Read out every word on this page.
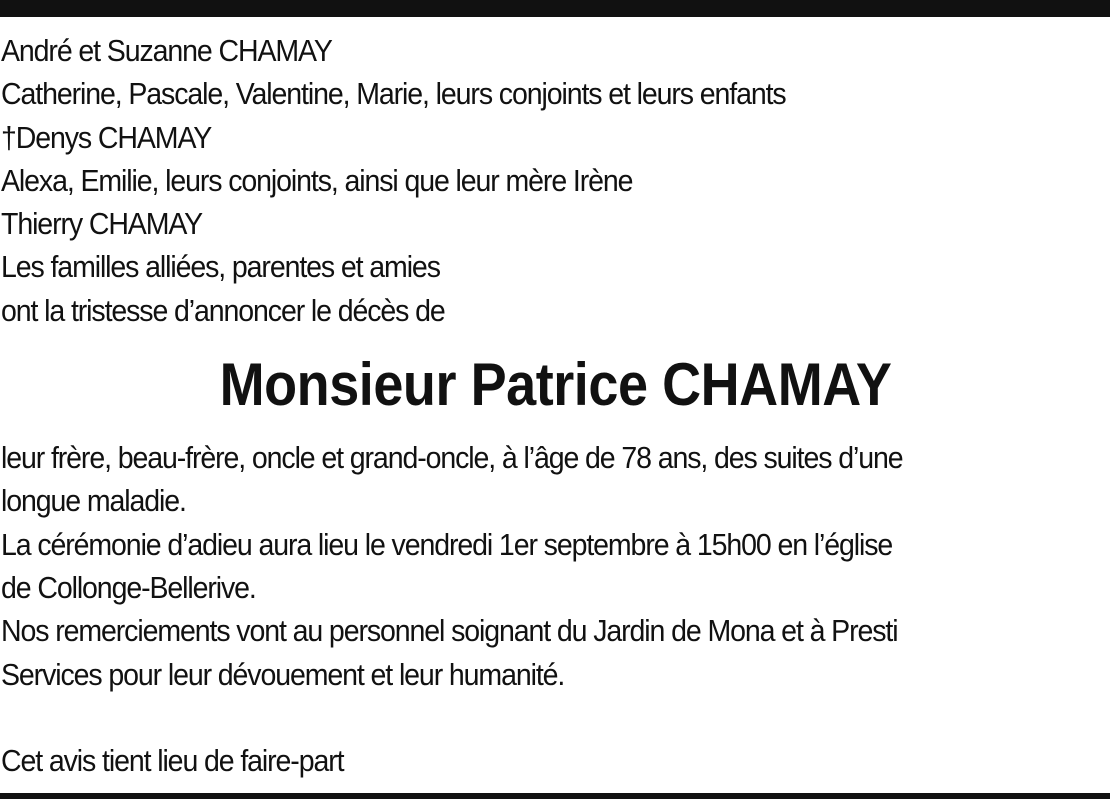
André et Suzanne CHAMAY
Catherine, Pascale, Valentine, Marie, leurs conjoints et leurs enfants
†Denys CHAMAY
Alexa, Emilie, leurs conjoints, ainsi que leur mère Irène
Thierry CHAMAY
Les familles alliées, parentes et amies
ont la tristesse d’annoncer le décès de
Monsieur Patrice CHAMAY
leur frère, beau-frère, oncle et grand-oncle, à l’âge de 78 ans, des suites d’une
longue maladie.
La cérémonie d’adieu aura lieu le vendredi 1er septembre à 15h00 en l’église
de Collonge-Bellerive.
Nos remerciements vont au personnel soignant du Jardin de Mona et à Presti
Services pour leur dévouement et leur humanité.
Cet avis tient lieu de faire-part
